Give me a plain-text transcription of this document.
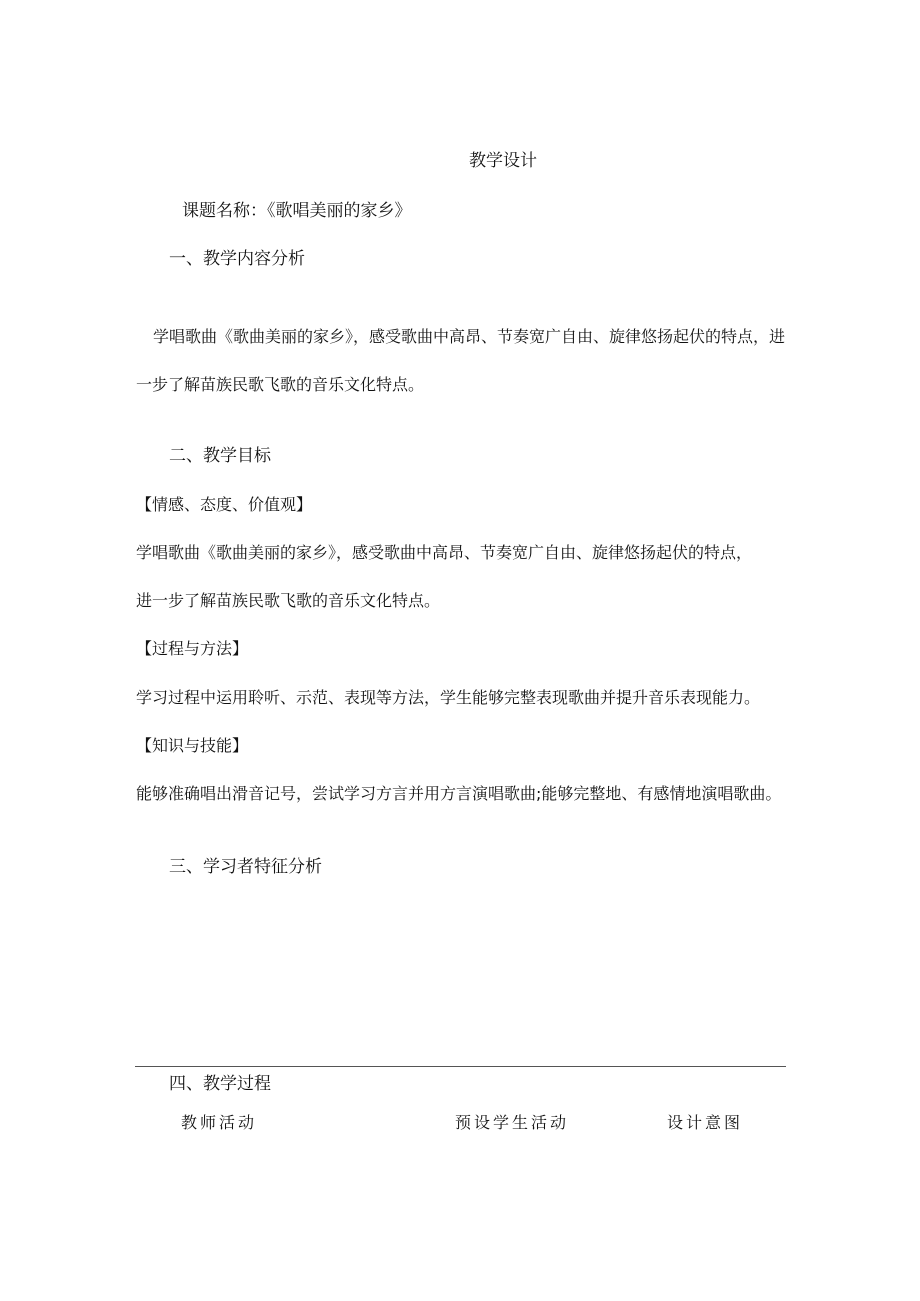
教学设计
课题名称：《歌唱美丽的家乡》
一、教学内容分析
学唱歌曲《歌曲美丽的家乡》，感受歌曲中高昂、节奏宽广自由、旋律悠扬起伏的特点，进
一步了解苗族民歌飞歌的音乐文化特点。
二、教学目标
【情感、态度、价值观】
学唱歌曲《歌曲美丽的家乡》，感受歌曲中高昂、节奏宽广自由、旋律悠扬起伏的特点，
进一步了解苗族民歌飞歌的音乐文化特点。
【过程与方法】
学习过程中运用聆听、示范、表现等方法，学生能够完整表现歌曲并提升音乐表现能力。
【知识与技能】
能够准确唱出滑音记号，尝试学习方言并用方言演唱歌曲;能够完整地、有感情地演唱歌曲。
三、学习者特征分析
四、教学过程
教师活动	预设学生活动	设计意图
